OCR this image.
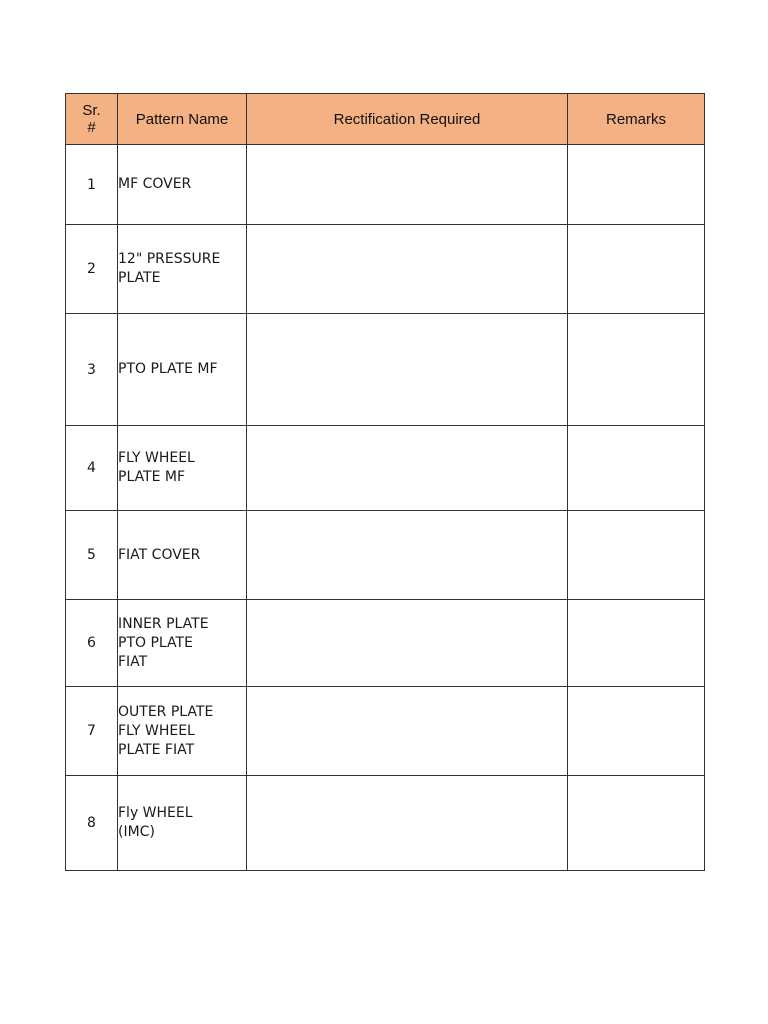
Sr.
#	Pattern Name	Rectification Required	Remarks
1	MF COVER		

2	12" PRESSURE
PLATE		

3	PTO PLATE MF		

4	FLY WHEEL
PLATE MF		

5	FIAT COVER		

6	INNER PLATE
PTO PLATE
FIAT		

7	OUTER PLATE
FLY WHEEL
PLATE FIAT		

8	Fly WHEEL
(IMC)		
